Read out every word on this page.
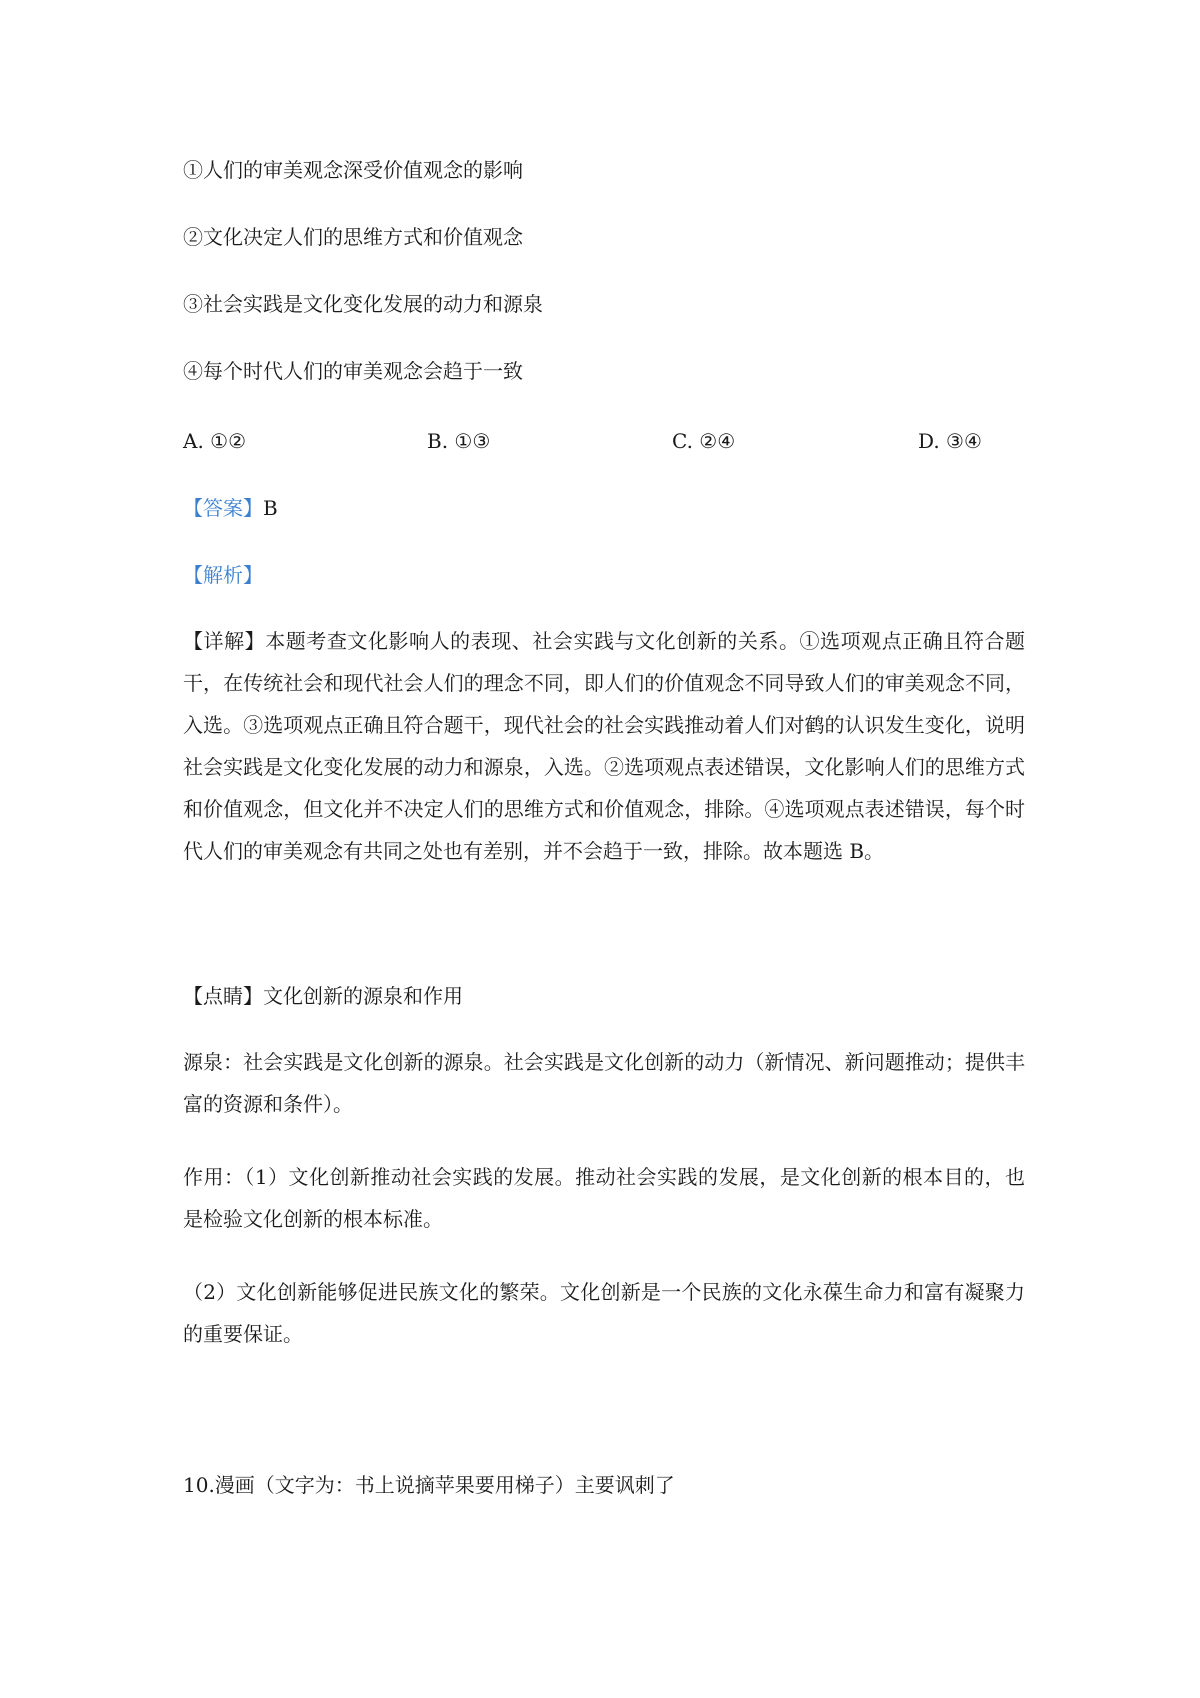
①人们的审美观念深受价值观念的影响
②文化决定人们的思维方式和价值观念
③社会实践是文化变化发展的动力和源泉
④每个时代人们的审美观念会趋于一致
A. ①②	B. ①③	C. ②④	D. ③④
【答案】B
【解析】
【详解】本题考查文化影响人的表现、社会实践与文化创新的关系。①选项观点正确且符合题干，在传统社会和现代社会人们的理念不同，即人们的价值观念不同导致人们的审美观念不同，入选。③选项观点正确且符合题干，现代社会的社会实践推动着人们对鹤的认识发生变化，说明社会实践是文化变化发展的动力和源泉，入选。②选项观点表述错误，文化影响人们的思维方式和价值观念，但文化并不决定人们的思维方式和价值观念，排除。④选项观点表述错误，每个时代人们的审美观念有共同之处也有差别，并不会趋于一致，排除。故本题选 B。
【点睛】文化创新的源泉和作用
源泉：社会实践是文化创新的源泉。社会实践是文化创新的动力（新情况、新问题推动；提供丰富的资源和条件）。
作用：（1）文化创新推动社会实践的发展。推动社会实践的发展，是文化创新的根本目的，也是检验文化创新的根本标准。
（2）文化创新能够促进民族文化的繁荣。文化创新是一个民族的文化永葆生命力和富有凝聚力的重要保证。
10.漫画（文字为：书上说摘苹果要用梯子）主要讽刺了
